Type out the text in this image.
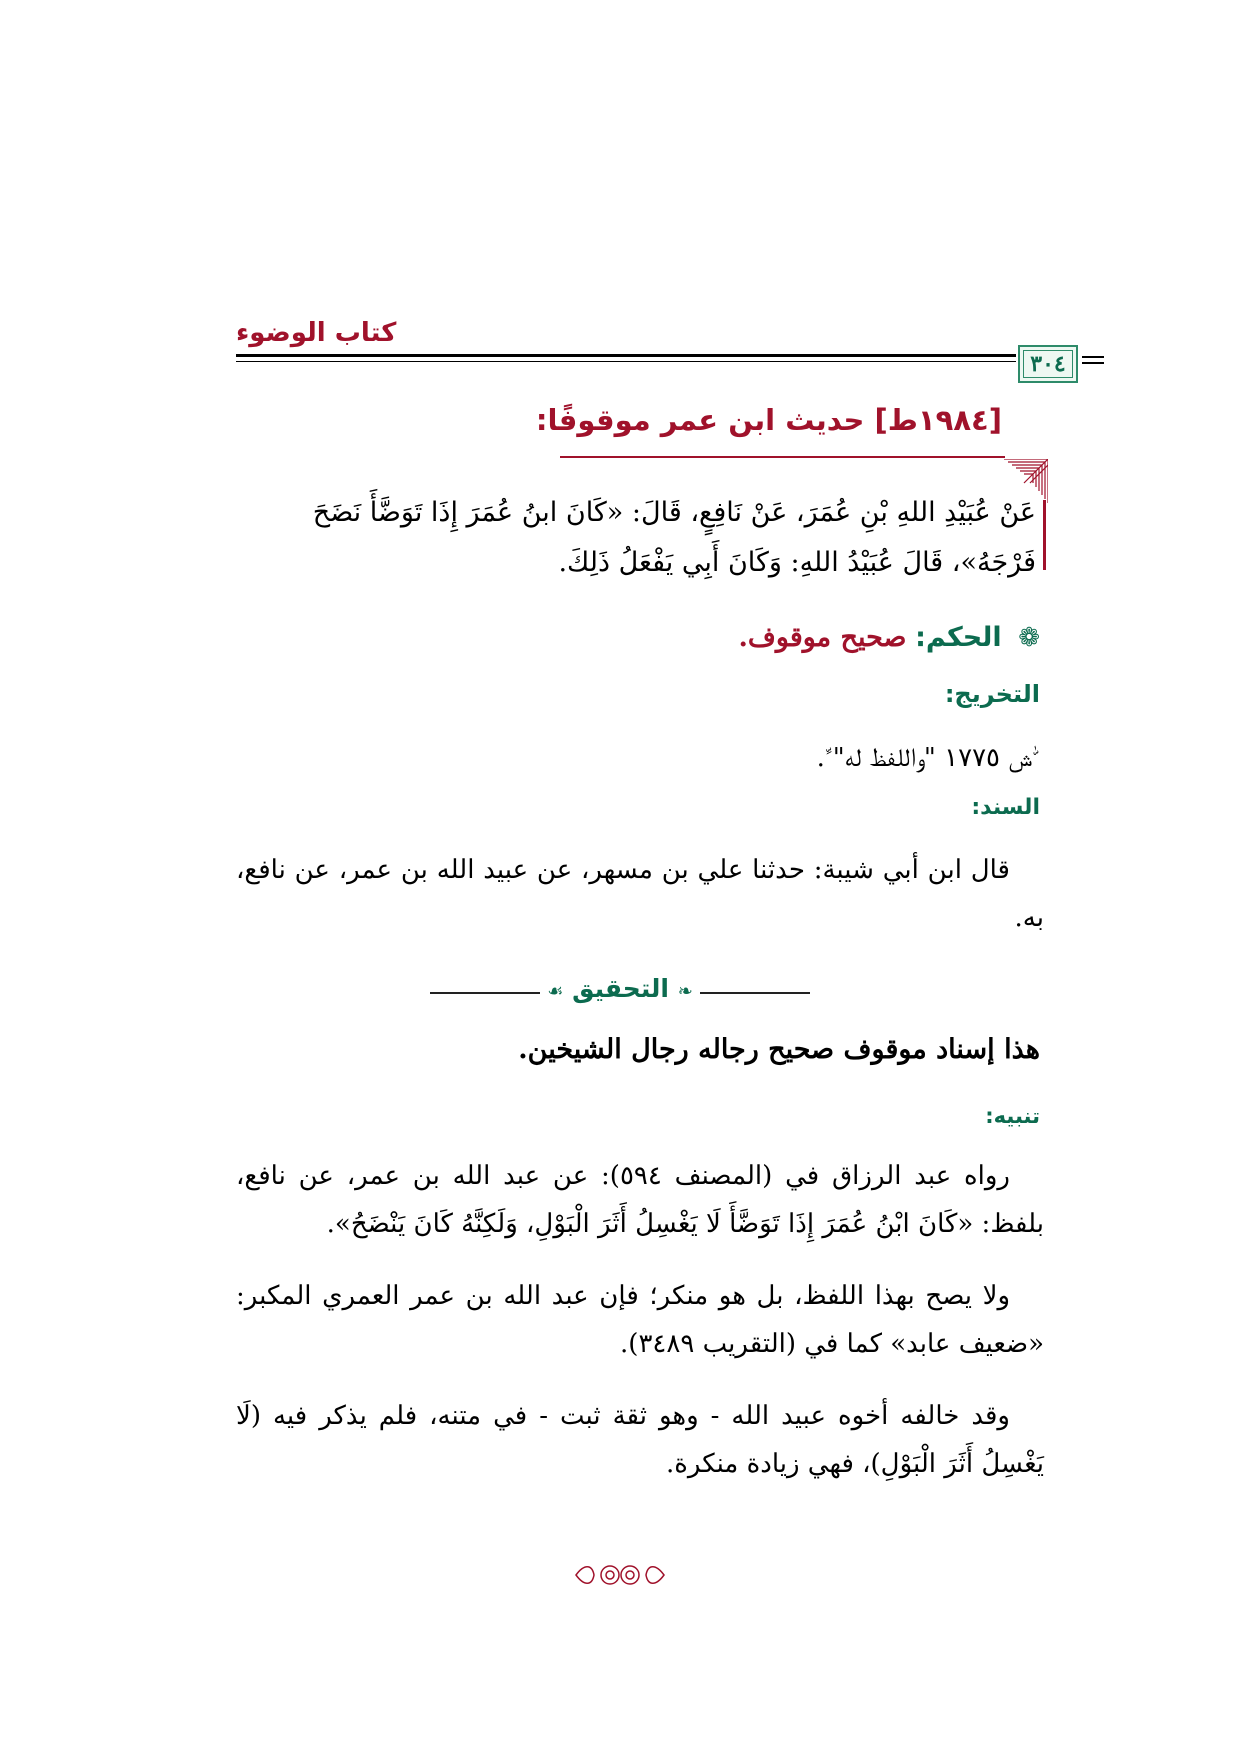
كتاب الوضوء
٣٠٤
[١٩٨٤ط] حديث ابن عمر موقوفًا:
عَنْ عُبَيْدِ اللهِ بْنِ عُمَرَ، عَنْ نَافِعٍ، قَالَ: «كَانَ ابنُ عُمَرَ إِذَا تَوَضَّأَ نَضَحَ
فَرْجَهُ»، قَالَ عُبَيْدُ اللهِ: وَكَانَ أَبِي يَفْعَلُ ذَلِكَ.
❁ الحكم: صحيح موقوف.
التخريج:
ﱣش ١٧٧٥ "واللفظ له"ﱢ.
السند:
قال ابن أبي شيبة: حدثنا علي بن مسهر، عن عبيد الله بن عمر، عن نافع، به.
❧ التحقيق ☙
هذا إسناد موقوف صحيح رجاله رجال الشيخين.
تنبيه:
رواه عبد الرزاق في (المصنف ٥٩٤): عن عبد الله بن عمر، عن نافع، بلفظ: «كَانَ ابْنُ عُمَرَ إِذَا تَوَضَّأَ لَا يَغْسِلُ أَثَرَ الْبَوْلِ، وَلَكِنَّهُ كَانَ يَنْضَحُ».
ولا يصح بهذا اللفظ، بل هو منكر؛ فإن عبد الله بن عمر العمري المكبر: «ضعيف عابد» كما في (التقريب ٣٤٨٩).
وقد خالفه أخوه عبيد الله - وهو ثقة ثبت - في متنه، فلم يذكر فيه (لَا يَغْسِلُ أَثَرَ الْبَوْلِ)، فهي زيادة منكرة.
